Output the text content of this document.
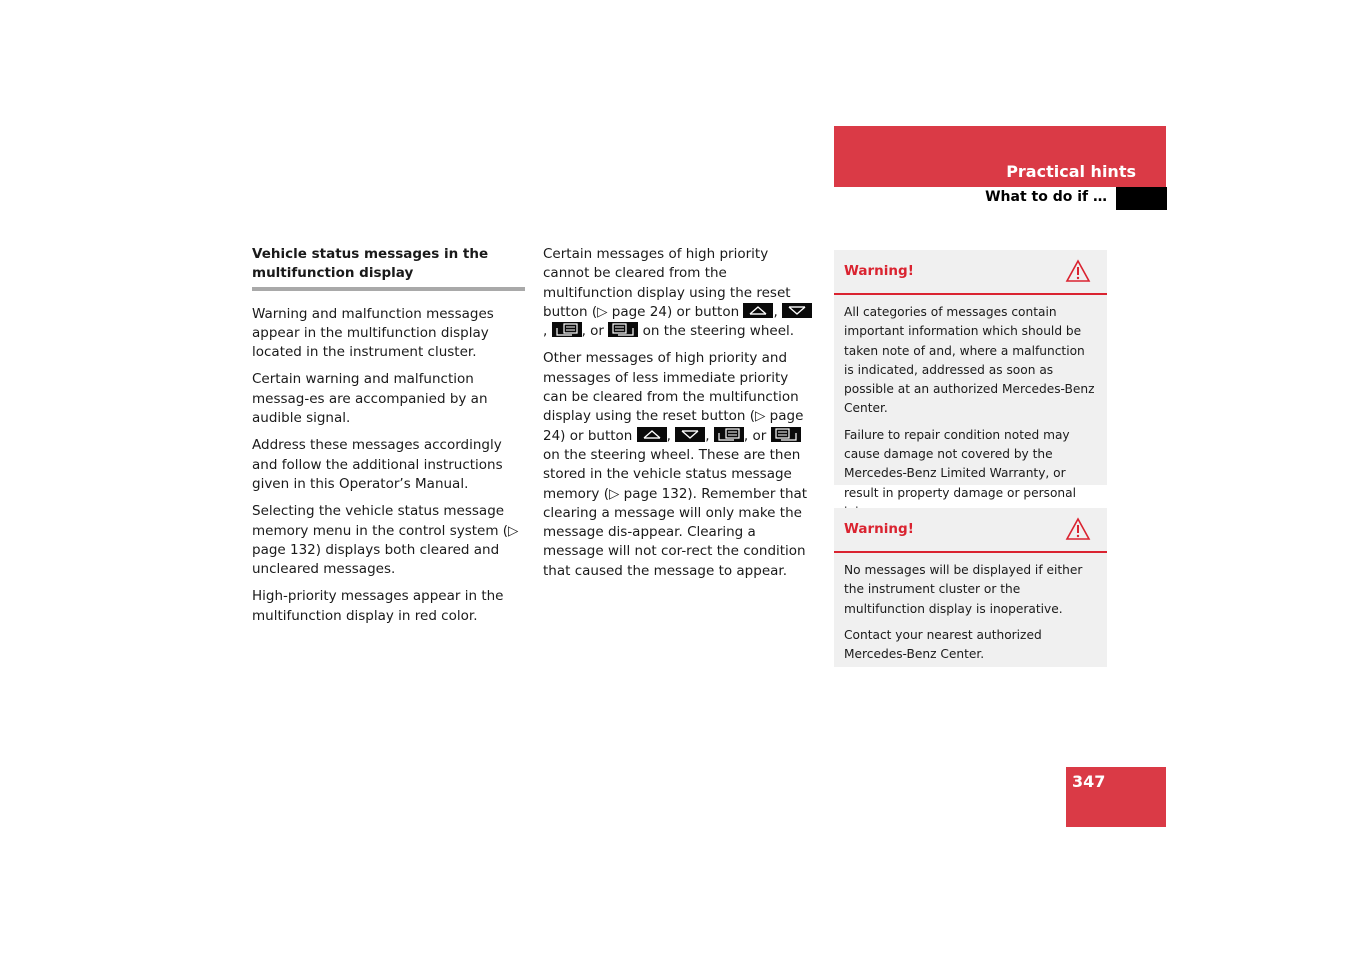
Practical hints
What to do if …
Vehicle status messages in the multifunction display

Warning and malfunction messages appear in the multifunction display located in the instrument cluster.

Certain warning and malfunction messag-es are accompanied by an audible signal.

Address these messages accordingly and follow the additional instructions given in this Operator’s Manual.

Selecting the vehicle status message memory menu in the control system (▷ page 132) displays both cleared and uncleared messages.

High-priority messages appear in the multifunction display in red color.

Certain messages of high priority cannot be cleared from the multifunction display using the reset button (▷ page 24) or button	,
,	, or	on the steering wheel.

Other messages of high priority and messages of less immediate priority can be cleared from the multifunction display using the reset button (▷ page 24) or button	,	,	, or
on the steering wheel. These are then stored in the vehicle status message memory (▷ page 132). Remember that clearing a message will only make the message dis-appear. Clearing a message will not cor-rect the condition that caused the message to appear.

Warning!

All categories of messages contain important information which should be taken note of and, where a malfunction is indicated, addressed as soon as possible at an authorized Mercedes-Benz Center.

Failure to repair condition noted may cause damage not covered by the Mercedes-Benz Limited Warranty, or result in property damage or personal

Warning!

No messages will be displayed if either the instrument cluster or the multifunction display is inoperative.

Contact your nearest authorized Mercedes-Benz Center.

347
